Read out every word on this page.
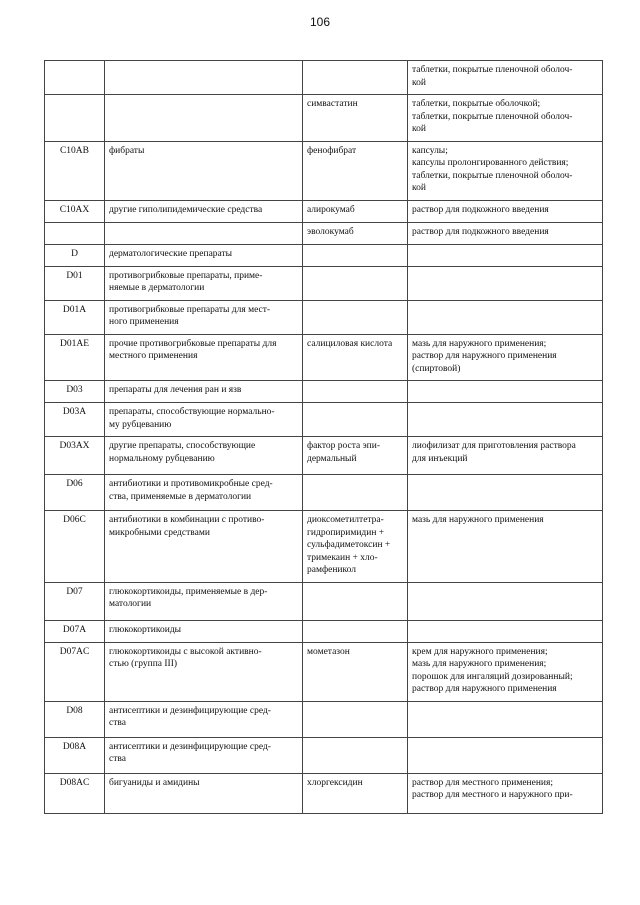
106
			таблетки, покрытые пленочной оболоч-
кой
		симвастатин	таблетки, покрытые оболочкой;
таблетки, покрытые пленочной оболоч-
кой
C10AB	фибраты	фенофибрат	капсулы;
капсулы пролонгированного действия;
таблетки, покрытые пленочной оболоч-
кой
C10AX	другие гиполипидемические средства	алирокумаб	раствор для подкожного введения
		эволокумаб	раствор для подкожного введения
D	дерматологические препараты		
D01	противогрибковые препараты, приме-
няемые в дерматологии		
D01A	противогрибковые препараты для мест-
ного применения		
D01AE	прочие противогрибковые препараты для
местного применения	салициловая кислота	мазь для наружного применения;
раствор для наружного применения
(спиртовой)
D03	препараты для лечения ран и язв		
D03A	препараты, способствующие нормально-
му рубцеванию		
D03AX	другие препараты, способствующие
нормальному рубцеванию	фактор роста эпи-
дермальный	лиофилизат для приготовления раствора
для инъекций
D06	антибиотики и противомикробные сред-
ства, применяемые в дерматологии		
D06C	антибиотики в комбинации с противо-
микробными средствами	диоксометилтетра-
гидропиримидин +
сульфадиметоксин +
тримекаин + хло-
рамфеникол	мазь для наружного применения
D07	глюкокортикоиды, применяемые в дер-
матологии		
D07A	глюкокортикоиды		
D07AC	глюкокортикоиды с высокой активно-
стью (группа III)	мометазон	крем для наружного применения;
мазь для наружного применения;
порошок для ингаляций дозированный;
раствор для наружного применения
D08	антисептики и дезинфицирующие сред-
ства		
D08A	антисептики и дезинфицирующие сред-
ства		
D08AC	бигуаниды и амидины	хлоргексидин	раствор для местного применения;
раствор для местного и наружного при-
